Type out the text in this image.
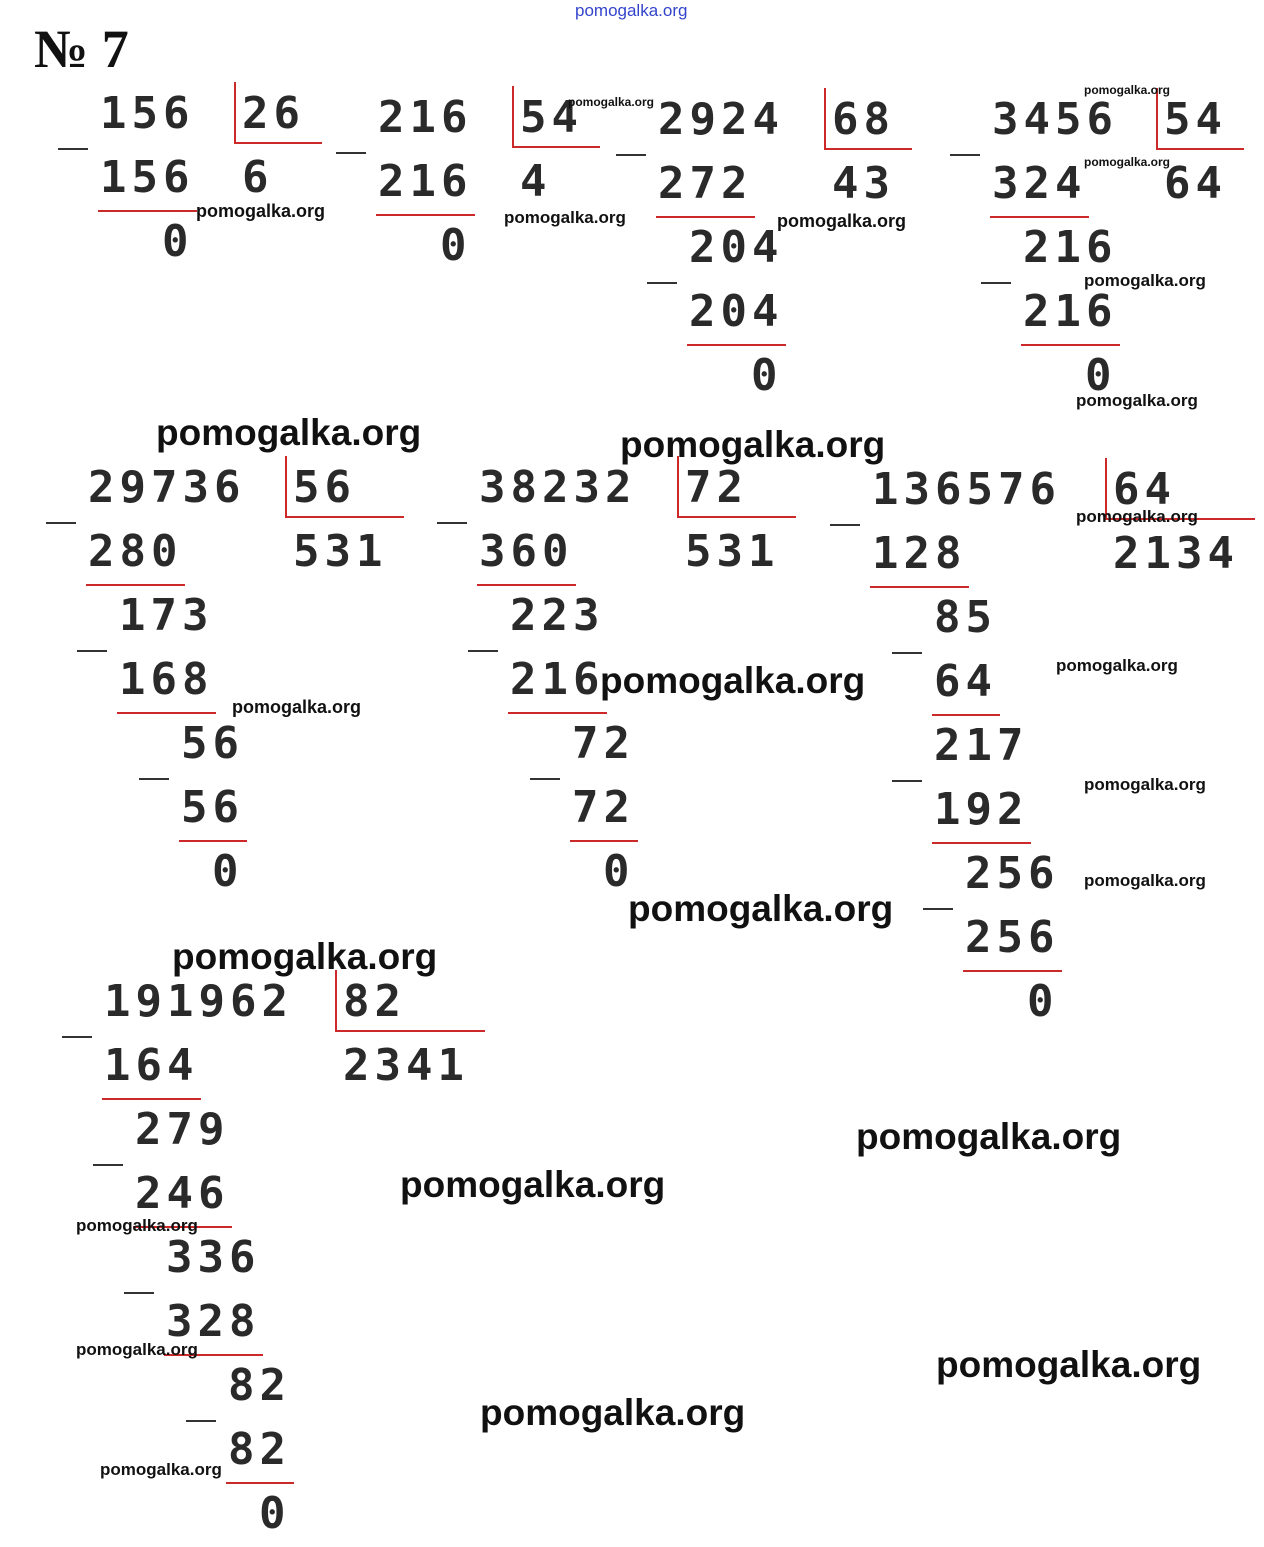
№ 7
pomogalka.org
156 26
6
156
0
216 54
4
216
0
2924 68
43
272
204
204
0
3456 54
64
324
216
216
0
29736 56
531
280
173
168
56
56
0
38232 72
531
360
223
216
72
72
0
136576 64
2134
128
85
64
217
192
256
256
0
191962 82
2341
164
279
246
336
328
82
82
0
pomogalka.org	pomogalka.org	pomogalka.org
pomogalka.org
pomogalka.org
pomogalka.org
pomogalka.org
pomogalka.org
pomogalka.org	pomogalka.org
pomogalka.org
pomogalka.org
pomogalka.org
pomogalka.org
pomogalka.org
pomogalka.org
pomogalka.org
pomogalka.org
pomogalka.org
pomogalka.org
pomogalka.org
pomogalka.org
pomogalka.org
pomogalka.org
pomogalka.org
